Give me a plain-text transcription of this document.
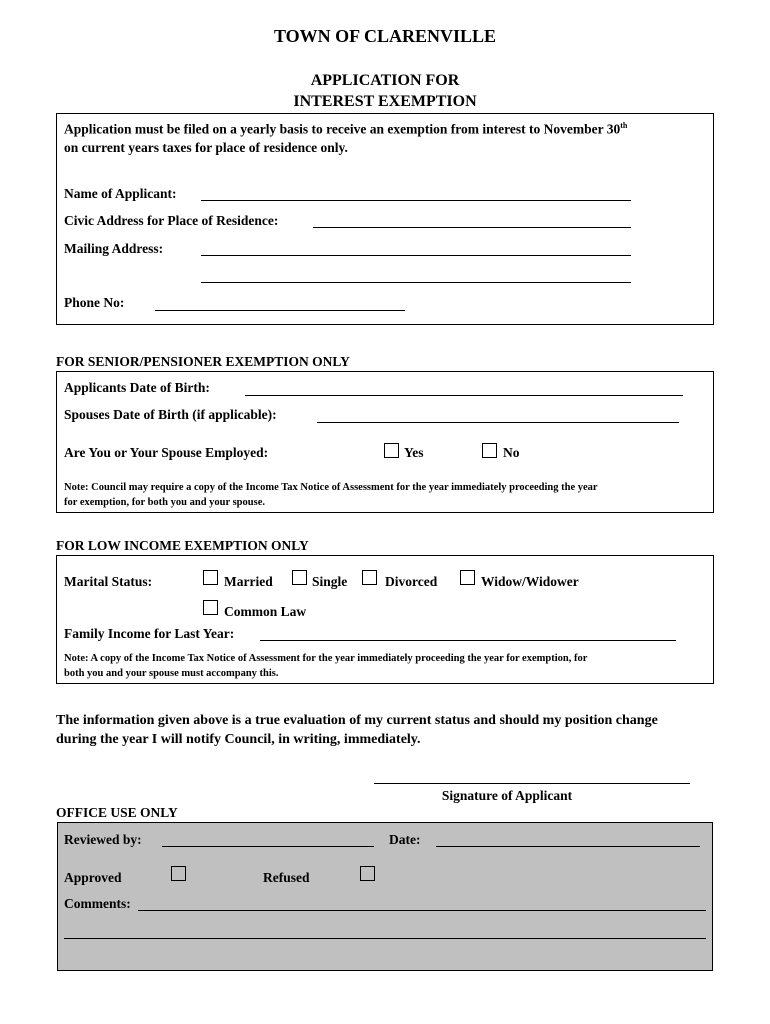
TOWN OF CLARENVILLE
APPLICATION FOR
INTEREST EXEMPTION
Application must be filed on a yearly basis to receive an exemption from interest to November 30th
on current years taxes for place of residence only.
Name of Applicant:
Civic Address for Place of Residence:
Mailing Address:
Phone No:
FOR SENIOR/PENSIONER EXEMPTION ONLY
Applicants Date of Birth:
Spouses Date of Birth (if applicable):
Are You or Your Spouse Employed:	Yes	No
Note: Council may require a copy of the Income Tax Notice of Assessment for the year immediately proceeding the year
for exemption, for both you and your spouse.
FOR LOW INCOME EXEMPTION ONLY
Marital Status:	Married	Single	Divorced	Widow/Widower
Common Law
Family Income for Last Year:
Note: A copy of the Income Tax Notice of Assessment for the year immediately proceeding the year for exemption, for
both you and your spouse must accompany this.
The information given above is a true evaluation of my current status and should my position change
during the year I will notify Council, in writing, immediately.
Signature of Applicant
OFFICE USE ONLY
Reviewed by:	Date:
Approved	Refused
Comments:
